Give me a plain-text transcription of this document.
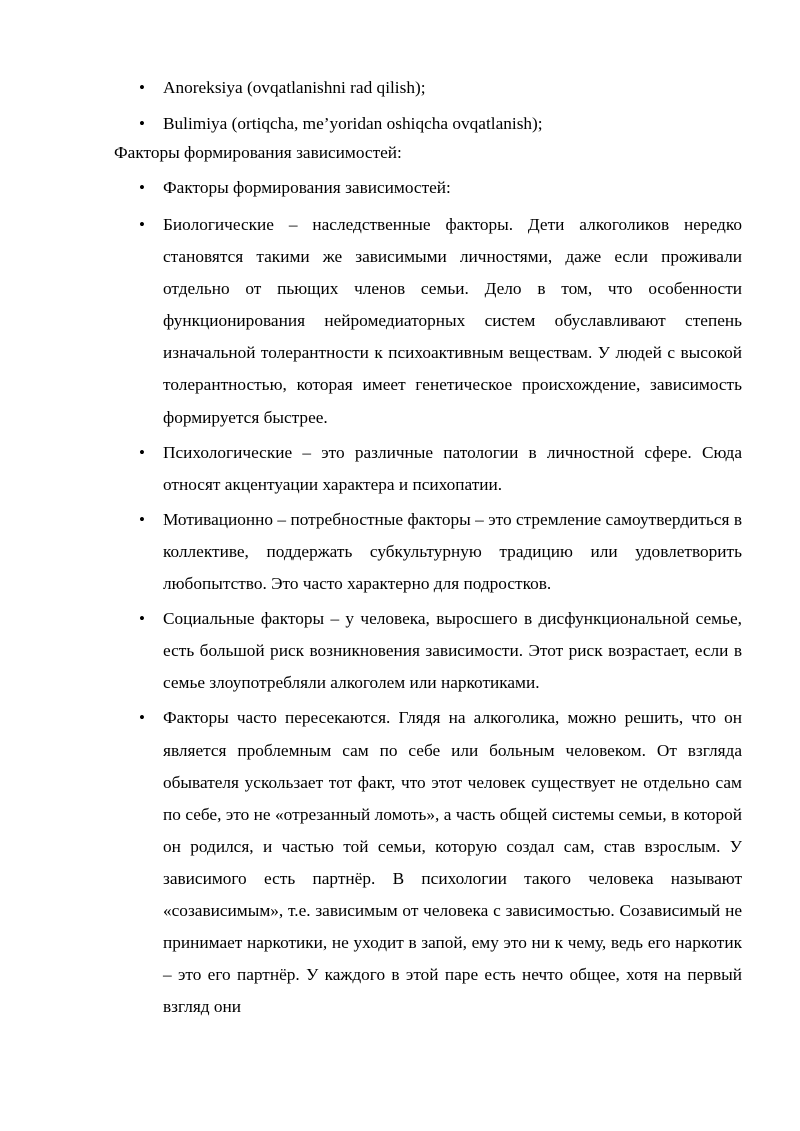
• Anoreksiya (ovqatlanishni rad qilish);
• Bulimiya (ortiqcha, me’yoridan oshiqcha ovqatlanish);
Факторы формирования зависимостей:
• Факторы формирования зависимостей:
• Биологические – наследственные факторы. Дети алкоголиков нередко становятся такими же зависимыми личностями, даже если проживали отдельно от пьющих членов семьи. Дело в том, что особенности функционирования нейромедиаторных систем обуславливают степень изначальной толерантности к психоактивным веществам. У людей с высокой толерантностью, которая имеет генетическое происхождение, зависимость формируется быстрее.
• Психологические – это различные патологии в личностной сфере. Сюда относят акцентуации характера и психопатии.
• Мотивационно – потребностные факторы – это стремление самоутвердиться в коллективе, поддержать субкультурную традицию или удовлетворить любопытство. Это часто характерно для подростков.
• Социальные факторы – у человека, выросшего в дисфункциональной семье, есть большой риск возникновения зависимости. Этот риск возрастает, если в семье злоупотребляли алкоголем или наркотиками.
• Факторы часто пересекаются. Глядя на алкоголика, можно решить, что он является проблемным сам по себе или больным человеком. От взгляда обывателя ускользает тот факт, что этот человек существует не отдельно сам по себе, это не «отрезанный ломоть», а часть общей системы семьи, в которой он родился, и частью той семьи, которую создал сам, став взрослым. У зависимого есть партнёр. В психологии такого человека называют «созависимым», т.е. зависимым от человека с зависимостью. Созависимый не принимает наркотики, не уходит в запой, ему это ни к чему, ведь его наркотик – это его партнёр. У каждого в этой паре есть нечто общее, хотя на первый взгляд они
